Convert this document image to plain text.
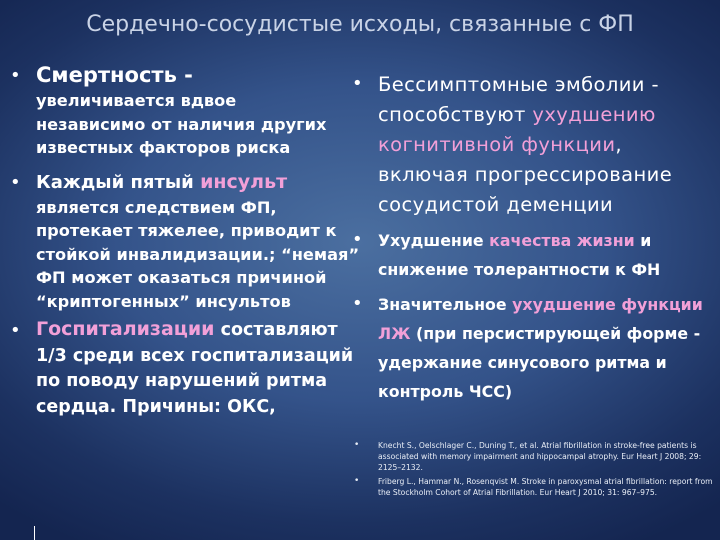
Сердечно-сосудистые исходы, связанные с ФП
• Смертность -
увеличивается вдвое независимо от наличия других известных факторов риска
• Каждый пятый инсульт является следствием ФП, протекает тяжелее, приводит к стойкой инвалидизации.; “немая” ФП может оказаться причиной “криптогенных” инсультов
• Госпитализации составляют 1/3 среди всех госпитализаций по поводу нарушений ритма сердца. Причины: ОКС,
• Бессимптомные эмболии - способствуют ухудшению когнитивной функции, включая прогрессирование сосудистой деменции
• Ухудшение качества жизни и снижение толерантности к ФН
• Значительное ухудшение функции ЛЖ (при персистирующей форме - удержание синусового ритма и контроль ЧСС)
• Knecht S., Oelschlager C., Duning T., et al. Atrial fibrillation in stroke-free patients is associated with memory impairment and hippocampal atrophy. Eur Heart J 2008; 29: 2125–2132.
• Friberg L., Hammar N., Rosenqvist M. Stroke in paroxysmal atrial fibrillation: report from the Stockholm Cohort of Atrial Fibrillation. Eur Heart J 2010; 31: 967–975.
